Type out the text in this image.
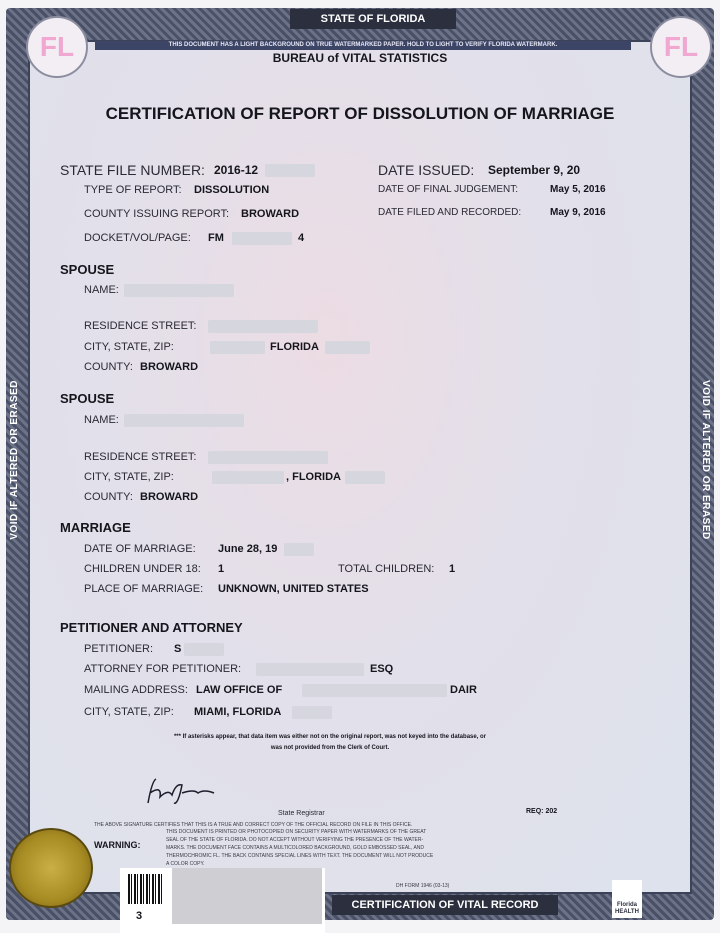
STATE OF FLORIDA
THIS DOCUMENT HAS A LIGHT BACKGROUND ON TRUE WATERMARKED PAPER. HOLD TO LIGHT TO VERIFY FLORIDA WATERMARK.
FL	FL
BUREAU of VITAL STATISTICS
CERTIFICATION OF REPORT OF DISSOLUTION OF MARRIAGE
VOID IF ALTERED OR ERASED	VOID IF ALTERED OR ERASED
STATE FILE NUMBER: 2016-12
TYPE OF REPORT: DISSOLUTION
COUNTY ISSUING REPORT: BROWARD
DOCKET/VOL/PAGE: FM	4
DATE ISSUED: September 9, 20
DATE OF FINAL JUDGEMENT:	May 5, 2016
DATE FILED AND RECORDED:	May 9, 2016
SPOUSE
NAME:
RESIDENCE STREET:
CITY, STATE, ZIP:	FLORIDA
COUNTY: BROWARD
SPOUSE
NAME:
RESIDENCE STREET:
CITY, STATE, ZIP:	, FLORIDA
COUNTY: BROWARD
MARRIAGE
DATE OF MARRIAGE: June 28, 19
CHILDREN UNDER 18: 1	TOTAL CHILDREN: 1
PLACE OF MARRIAGE: UNKNOWN, UNITED STATES
PETITIONER AND ATTORNEY
PETITIONER: S
ATTORNEY FOR PETITIONER:	ESQ
MAILING ADDRESS: LAW OFFICE OF	DAIR
CITY, STATE, ZIP: MIAMI, FLORIDA
*** If asterisks appear, that data item was either not on the original report, was not keyed into the database, or
was not provided from the Clerk of Court.
State Registrar	REQ: 202
THE ABOVE SIGNATURE CERTIFIES THAT THIS IS A TRUE AND CORRECT COPY OF THE OFFICIAL RECORD ON FILE IN THIS OFFICE.
WARNING:
THIS DOCUMENT IS PRINTED OR PHOTOCOPIED ON SECURITY PAPER WITH WATERMARKS OF THE GREAT
SEAL OF THE STATE OF FLORIDA. DO NOT ACCEPT WITHOUT VERIFYING THE PRESENCE OF THE WATER-
MARKS. THE DOCUMENT FACE CONTAINS A MULTICOLORED BACKGROUND, GOLD EMBOSSED SEAL, AND
THERMOCHROMIC FL. THE BACK CONTAINS SPECIAL LINES WITH TEXT. THE DOCUMENT WILL NOT PRODUCE
A COLOR COPY.
DH FORM 1946 (03-13)
3
CERTIFICATION OF VITAL RECORD	Florida HEALTH
